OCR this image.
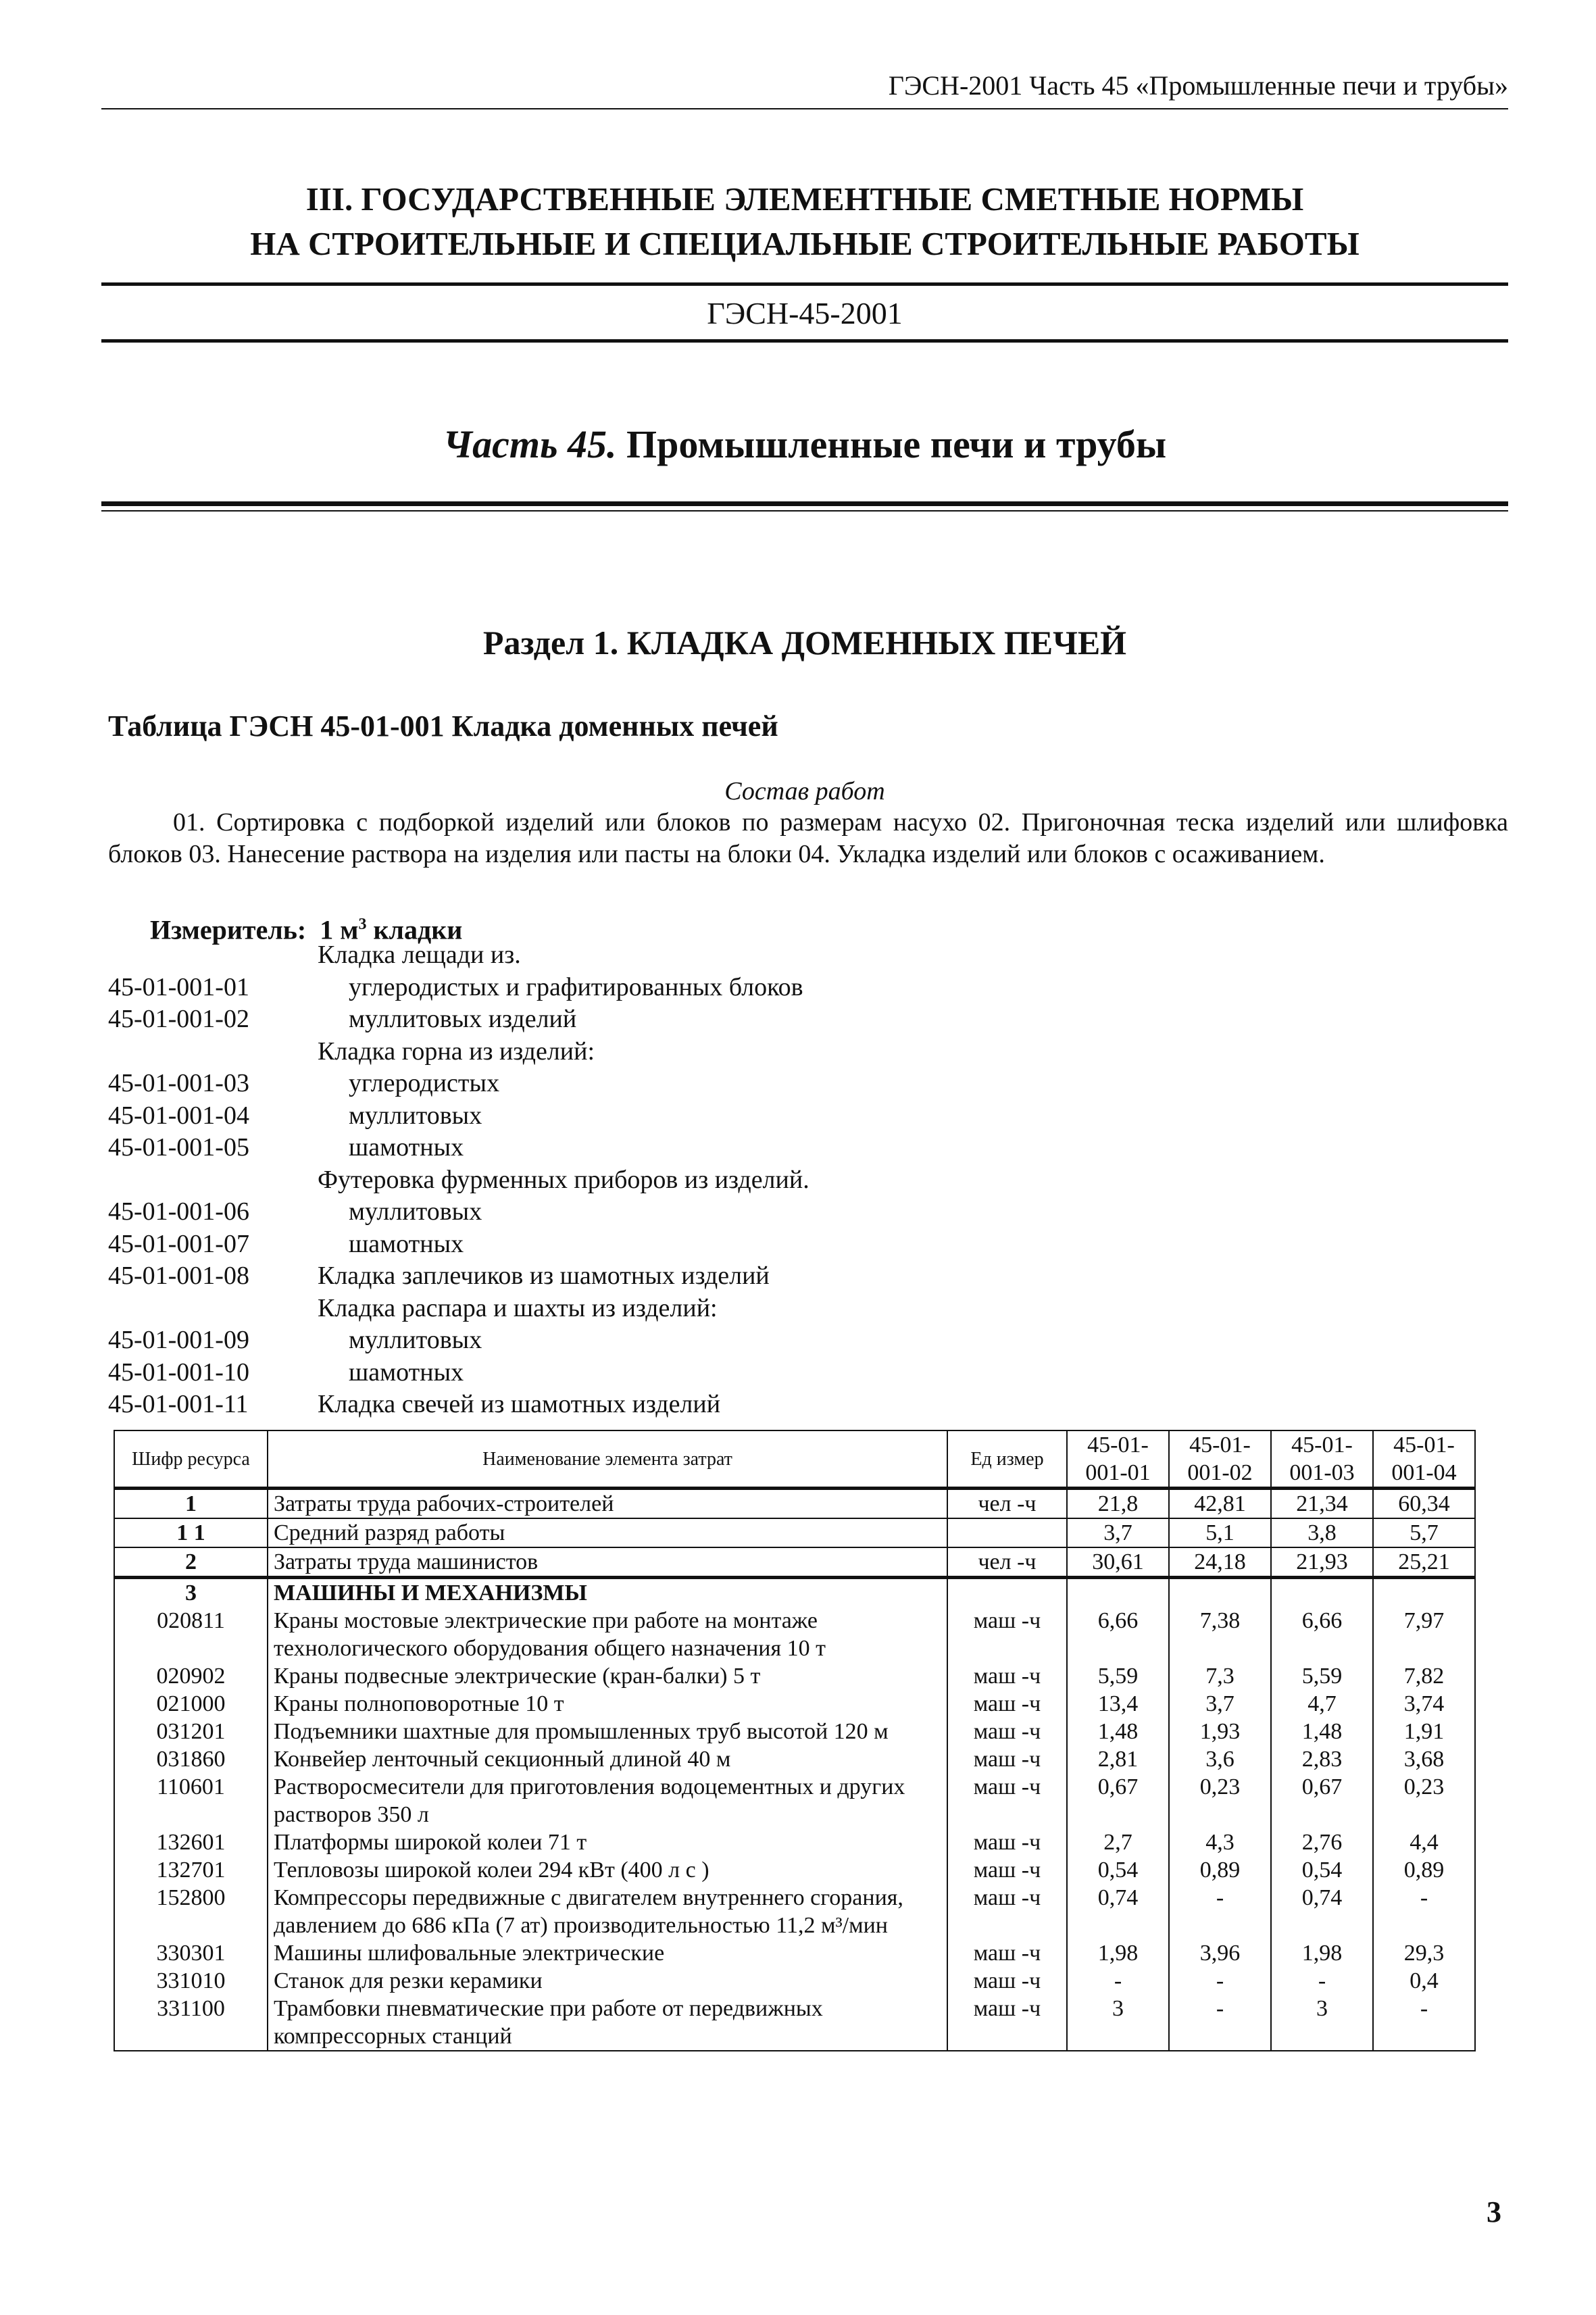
ГЭСН-2001 Часть 45 «Промышленные печи и трубы»
III. ГОСУДАРСТВЕННЫЕ ЭЛЕМЕНТНЫЕ СМЕТНЫЕ НОРМЫ
НА СТРОИТЕЛЬНЫЕ И СПЕЦИАЛЬНЫЕ СТРОИТЕЛЬНЫЕ РАБОТЫ
ГЭСН-45-2001
Часть 45. Промышленные печи и трубы
Раздел 1. КЛАДКА ДОМЕННЫХ ПЕЧЕЙ
Таблица ГЭСН 45-01-001 Кладка доменных печей
Состав работ
01. Сортировка с подборкой изделий или блоков по размерам насухо 02. Пригоночная теска изделий или шлифовка блоков 03. Нанесение раствора на изделия или пасты на блоки 04. Укладка изделий или блоков с осаживанием.
Измеритель: 1 $м^3$ кладки
Кладка лещади из.
45-01-001-01	углеродистых и графитированных блоков
45-01-001-02	муллитовых изделий
Кладка горна из изделий:
45-01-001-03	углеродистых
45-01-001-04	муллитовых
45-01-001-05	шамотных
Футеровка фурменных приборов из изделий.
45-01-001-06	муллитовых
45-01-001-07	шамотных
45-01-001-08	Кладка заплечиков из шамотных изделий
Кладка распара и шахты из изделий:
45-01-001-09	муллитовых
45-01-001-10	шамотных
45-01-001-11	Кладка свечей из шамотных изделий
Шифр ресурса	Наименование элемента затрат	Ед измер	45-01-001-01	45-01-001-02	45-01-001-03	45-01-001-04
1	Затраты труда рабочих-строителей	чел -ч	21,8	42,81	21,34	60,34
1 1	Средний разряд работы		3,7	5,1	3,8	5,7
2	Затраты труда машинистов	чел -ч	30,61	24,18	21,93	25,21
3	МАШИНЫ И МЕХАНИЗМЫ					
020811	Краны мостовые электрические при работе на монтаже технологического оборудования общего назначения 10 т	маш -ч	6,66	7,38	6,66	7,97
020902	Краны подвесные электрические (кран-балки) 5 т	маш -ч	5,59	7,3	5,59	7,82
021000	Краны полноповоротные 10 т	маш -ч	13,4	3,7	4,7	3,74
031201	Подъемники шахтные для промышленных труб высотой 120 м	маш -ч	1,48	1,93	1,48	1,91
031860	Конвейер ленточный секционный длиной 40 м	маш -ч	2,81	3,6	2,83	3,68
110601	Растворосмесители для приготовления водоцементных и других растворов 350 л	маш -ч	0,67	0,23	0,67	0,23
132601	Платформы широкой колеи 71 т	маш -ч	2,7	4,3	2,76	4,4
132701	Тепловозы широкой колеи 294 кВт (400 л с )	маш -ч	0,54	0,89	0,54	0,89
152800	Компрессоры передвижные с двигателем внутреннего сгорания, давлением до 686 кПа (7 ат) производительностью 11,2 м³/мин	маш -ч	0,74	-	0,74	-
330301	Машины шлифовальные электрические	маш -ч	1,98	3,96	1,98	29,3
331010	Станок для резки керамики	маш -ч	-	-	-	0,4
331100	Трамбовки пневматические при работе от передвижных компрессорных станций	маш -ч	3	-	3	-
3
